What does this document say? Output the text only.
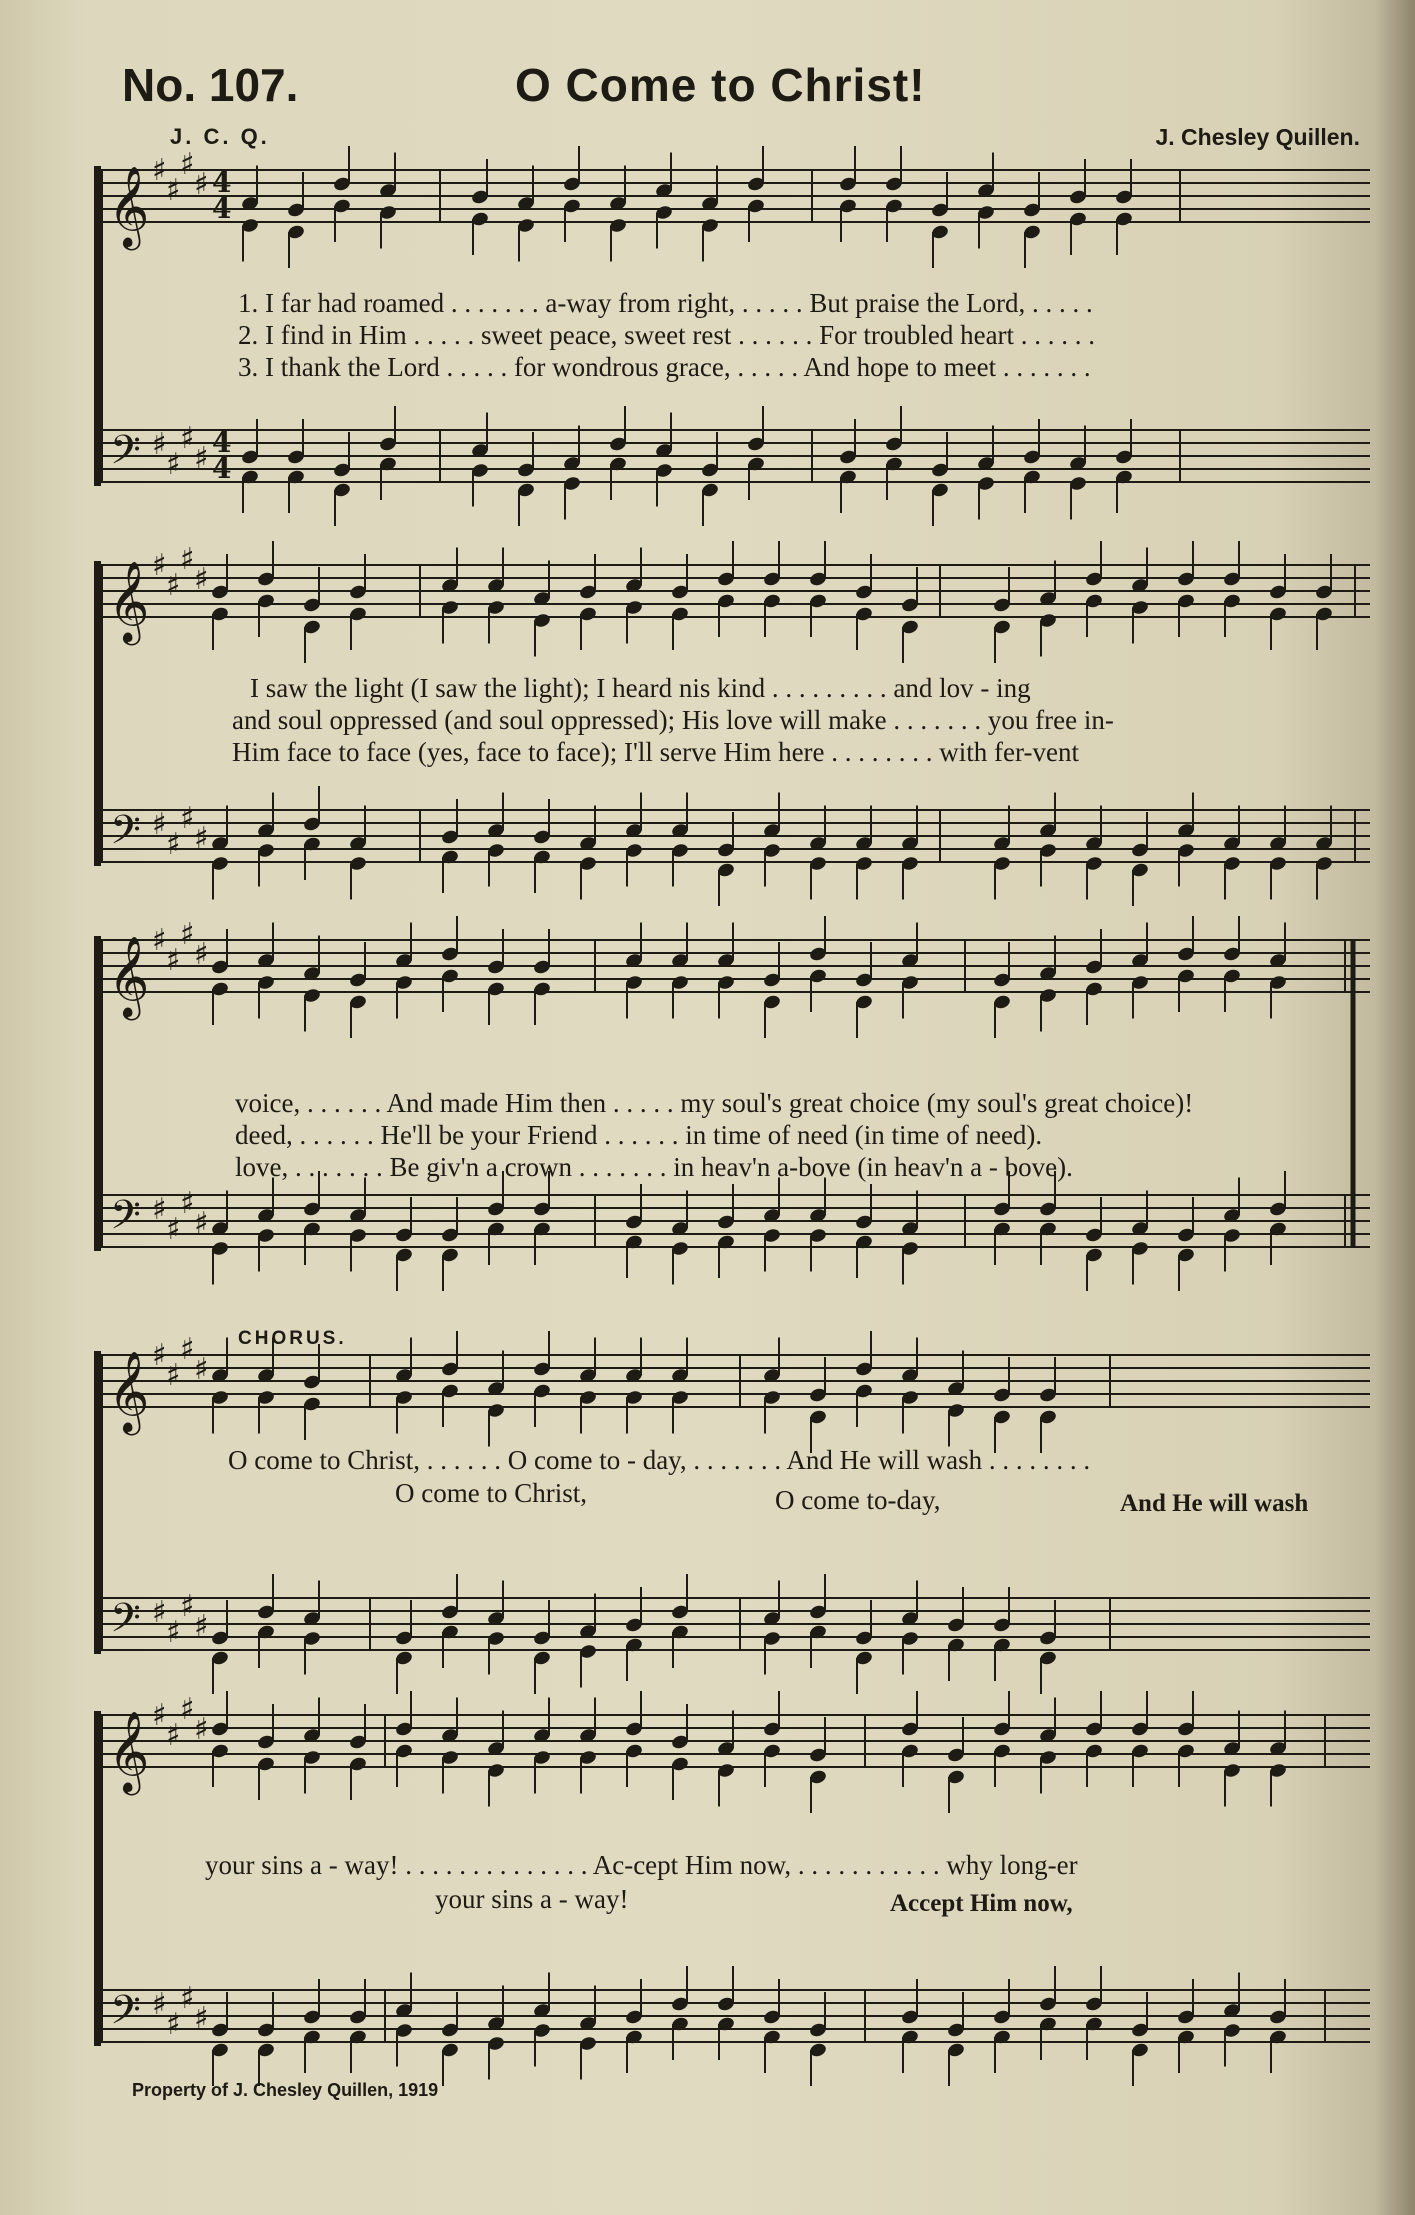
No. 107.	O Come to Christ!
J. C. Q.	J. Chesley Quillen.
𝄞
𝄢
♯
♯
♯
♯
♯
♯
♯
♯
4
4
4
4
1. I far had roamed . . . . . . . a-way from right, . . . . . But praise the Lord, . . . . .
2. I find in Him . . . . . sweet peace, sweet rest . . . . . . For troubled heart . . . . . .
3. I thank the Lord . . . . . for wondrous grace, . . . . . And hope to meet . . . . . . .
𝄞
𝄢
♯
♯
♯
♯
♯
♯
♯
♯
I saw the light (I saw the light); I heard nis kind . . . . . . . . . and lov - ing
and soul oppressed (and soul oppressed); His love will make . . . . . . . you free in-
Him face to face (yes, face to face); I'll serve Him here . . . . . . . . with fer-vent
𝄞
𝄢
♯
♯
♯
♯
♯
♯
♯
♯
voice, . . . . . . And made Him then . . . . . my soul's great choice (my soul's great choice)!
deed, . . . . . . He'll be your Friend . . . . . . in time of need (in time of need).
love, . . . . . . . Be giv'n a crown . . . . . . . in heav'n a-bove (in heav'n a - bove).
CHORUS.
𝄞
𝄢
♯
♯
♯
♯
♯
♯
♯
♯
O come to Christ, . . . . . . O come to - day, . . . . . . . And He will wash . . . . . . . .
O come to Christ,	O come to-day,	And He will wash
𝄞
𝄢
♯
♯
♯
♯
♯
♯
♯
♯
your sins a - way! . . . . . . . . . . . . . . Ac-cept Him now, . . . . . . . . . . . why long-er
your sins a - way!	Accept Him now,
Property of J. Chesley Quillen, 1919
